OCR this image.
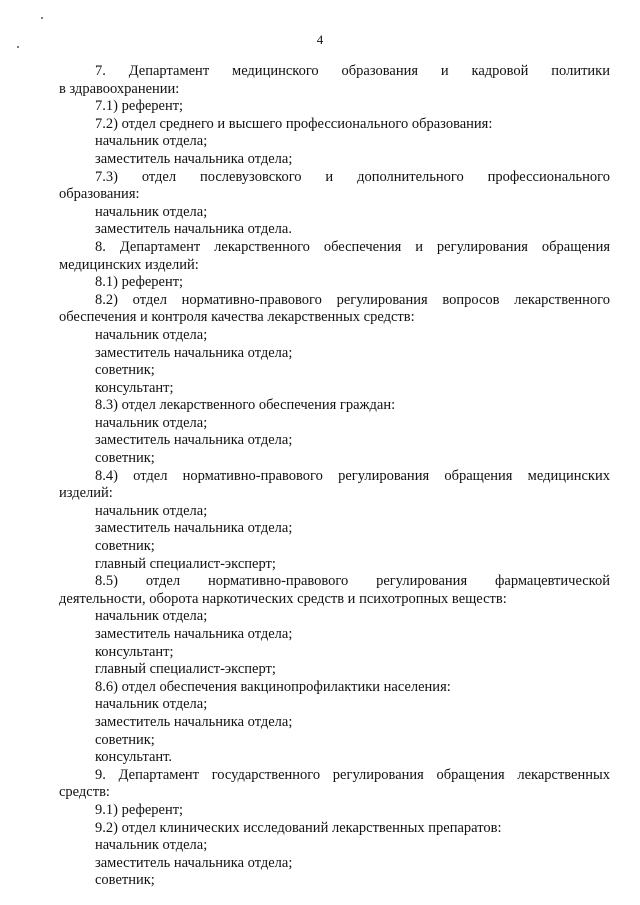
4
7. Департамент медицинского образования и кадровой политики
в здравоохранении:
7.1) референт;
7.2) отдел среднего и высшего профессионального образования:
начальник отдела;
заместитель начальника отдела;
7.3) отдел послевузовского и дополнительного профессионального
образования:
начальник отдела;
заместитель начальника отдела.
8. Департамент лекарственного обеспечения и регулирования обращения
медицинских изделий:
8.1) референт;
8.2) отдел нормативно-правового регулирования вопросов лекарственного
обеспечения и контроля качества лекарственных средств:
начальник отдела;
заместитель начальника отдела;
советник;
консультант;
8.3) отдел лекарственного обеспечения граждан:
начальник отдела;
заместитель начальника отдела;
советник;
8.4) отдел нормативно-правового регулирования обращения медицинских
изделий:
начальник отдела;
заместитель начальника отдела;
советник;
главный специалист-эксперт;
8.5) отдел нормативно-правового регулирования фармацевтической
деятельности, оборота наркотических средств и психотропных веществ:
начальник отдела;
заместитель начальника отдела;
консультант;
главный специалист-эксперт;
8.6) отдел обеспечения вакцинопрофилактики населения:
начальник отдела;
заместитель начальника отдела;
советник;
консультант.
9. Департамент государственного регулирования обращения лекарственных
средств:
9.1) референт;
9.2) отдел клинических исследований лекарственных препаратов:
начальник отдела;
заместитель начальника отдела;
советник;
